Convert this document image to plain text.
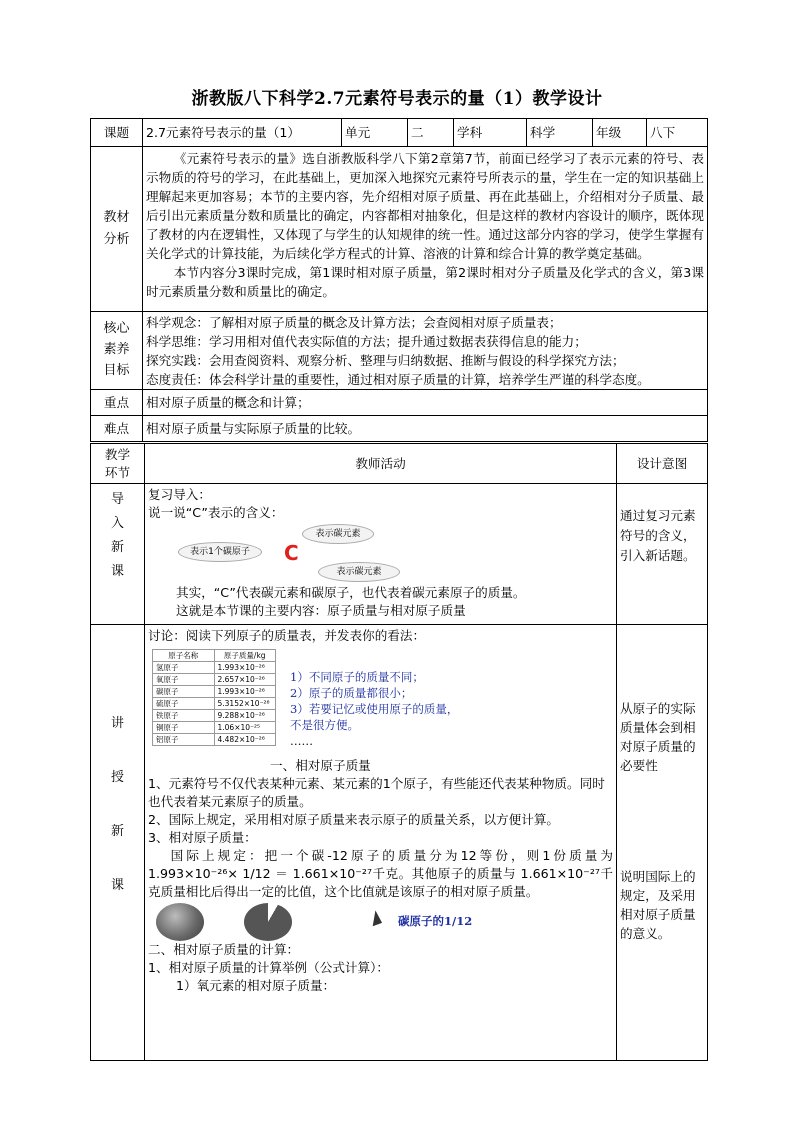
浙教版八下科学2.7元素符号表示的量（1）教学设计
课题	2.7元素符号表示的量（1）	单元	二	学科	科学	年级	八下
教材分析	《元素符号表示的量》选自浙教版科学八下第2章第7节，前面已经学习了表示元素的符号、表示物质的符号的学习，在此基础上，更加深入地探究元素符号所表示的量，学生在一定的知识基础上理解起来更加容易；本节的主要内容，先介绍相对原子质量、再在此基础上，介绍相对分子质量、最后引出元素质量分数和质量比的确定，内容都相对抽象化，但是这样的教材内容设计的顺序，既体现了教材的内在逻辑性，又体现了与学生的认知规律的统一性。通过这部分内容的学习，使学生掌握有关化学式的计算技能，为后续化学方程式的计算、溶液的计算和综合计算的教学奠定基础。
本节内容分3课时完成，第1课时相对原子质量，第2课时相对分子质量及化学式的含义，第3课时元素质量分数和质量比的确定。						

核心素养目标	科学观念：了解相对原子质量的概念及计算方法；会查阅相对原子质量表；
科学思维：学习用相对值代表实际值的方法；提升通过数据表获得信息的能力；
探究实践：会用查阅资料、观察分析、整理与归纳数据、推断与假设的科学探究方法；
态度责任：体会科学计量的重要性，通过相对原子质量的计算，培养学生严谨的科学态度。						

重点	相对原子质量的概念和计算；						
难点	相对原子质量与实际原子质量的比较。						
教学环节	教师活动	设计意图

导入新课

复习导入：
说一说“C”表示的含义：
表示碳元素
表示1个碳原子	C
表示碳元素
其实，“C”代表碳元素和碳原子，也代表着碳元素原子的质量。
这就是本节课的主要内容：原子质量与相对原子质量
	通过复习元素符号的含义，引入新话题。

讲授新课

讨论：阅读下列原子的质量表，并发表你的看法：
原子名称	原子质量/kg
氢原子	1.993×10⁻²⁶
氧原子	2.657×10⁻²⁶
碳原子	1.993×10⁻²⁶
硫原子	5.3152×10⁻²⁶
铁原子	9.288×10⁻²⁶
铜原子	1.06×10⁻²⁵
铝原子	4.482×10⁻²⁶
1）不同原子的质量不同；
2）原子的质量都很小；
3）若要记忆或使用原子的质量，
不是很方便。
……
一、相对原子质量
1、元素符号不仅代表某种元素、某元素的1个原子，有些能还代表某种物质。同时也代表着某元素原子的质量。
2、国际上规定，采用相对原子质量来表示原子的质量关系，以方便计算。
3、相对原子质量：
国际上规定：把一个碳-12原子的质量分为12等份，则1份质量为 1.993×10⁻²⁶× 1/12 ＝ 1.661×10⁻²⁷千克。其他原子的质量与 1.661×10⁻²⁷千克质量相比后得出一定的比值，这个比值就是该原子的相对原子质量。
碳原子的1/12
二、相对原子质量的计算：
1、相对原子质量的计算举例（公式计算）：
1）氧元素的相对原子质量：

从原子的实际质量体会到相对原子质量的必要性
说明国际上的规定，及采用相对原子质量的意义。
